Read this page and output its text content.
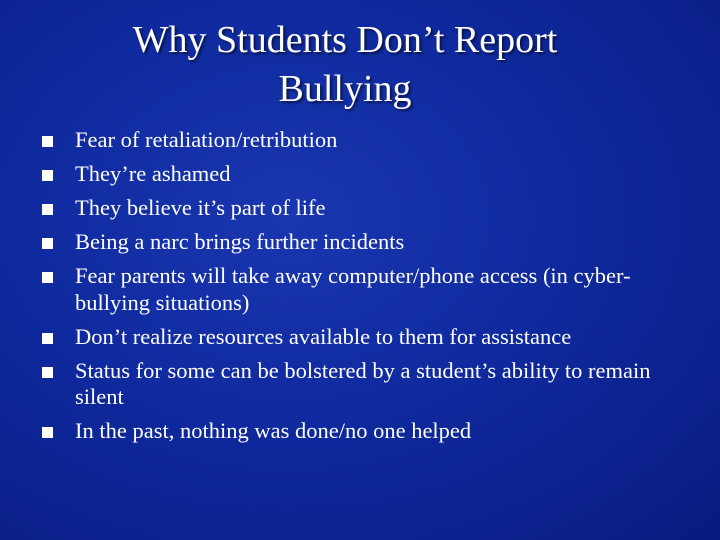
Why Students Don’t Report
Bullying
Fear of retaliation/retribution
They’re ashamed
They believe it’s part of life
Being a narc brings further incidents
Fear parents will take away computer/phone access (in cyber-bullying situations)
Don’t realize resources available to them for assistance
Status for some can be bolstered by a student’s ability to remain silent
In the past, nothing was done/no one helped
